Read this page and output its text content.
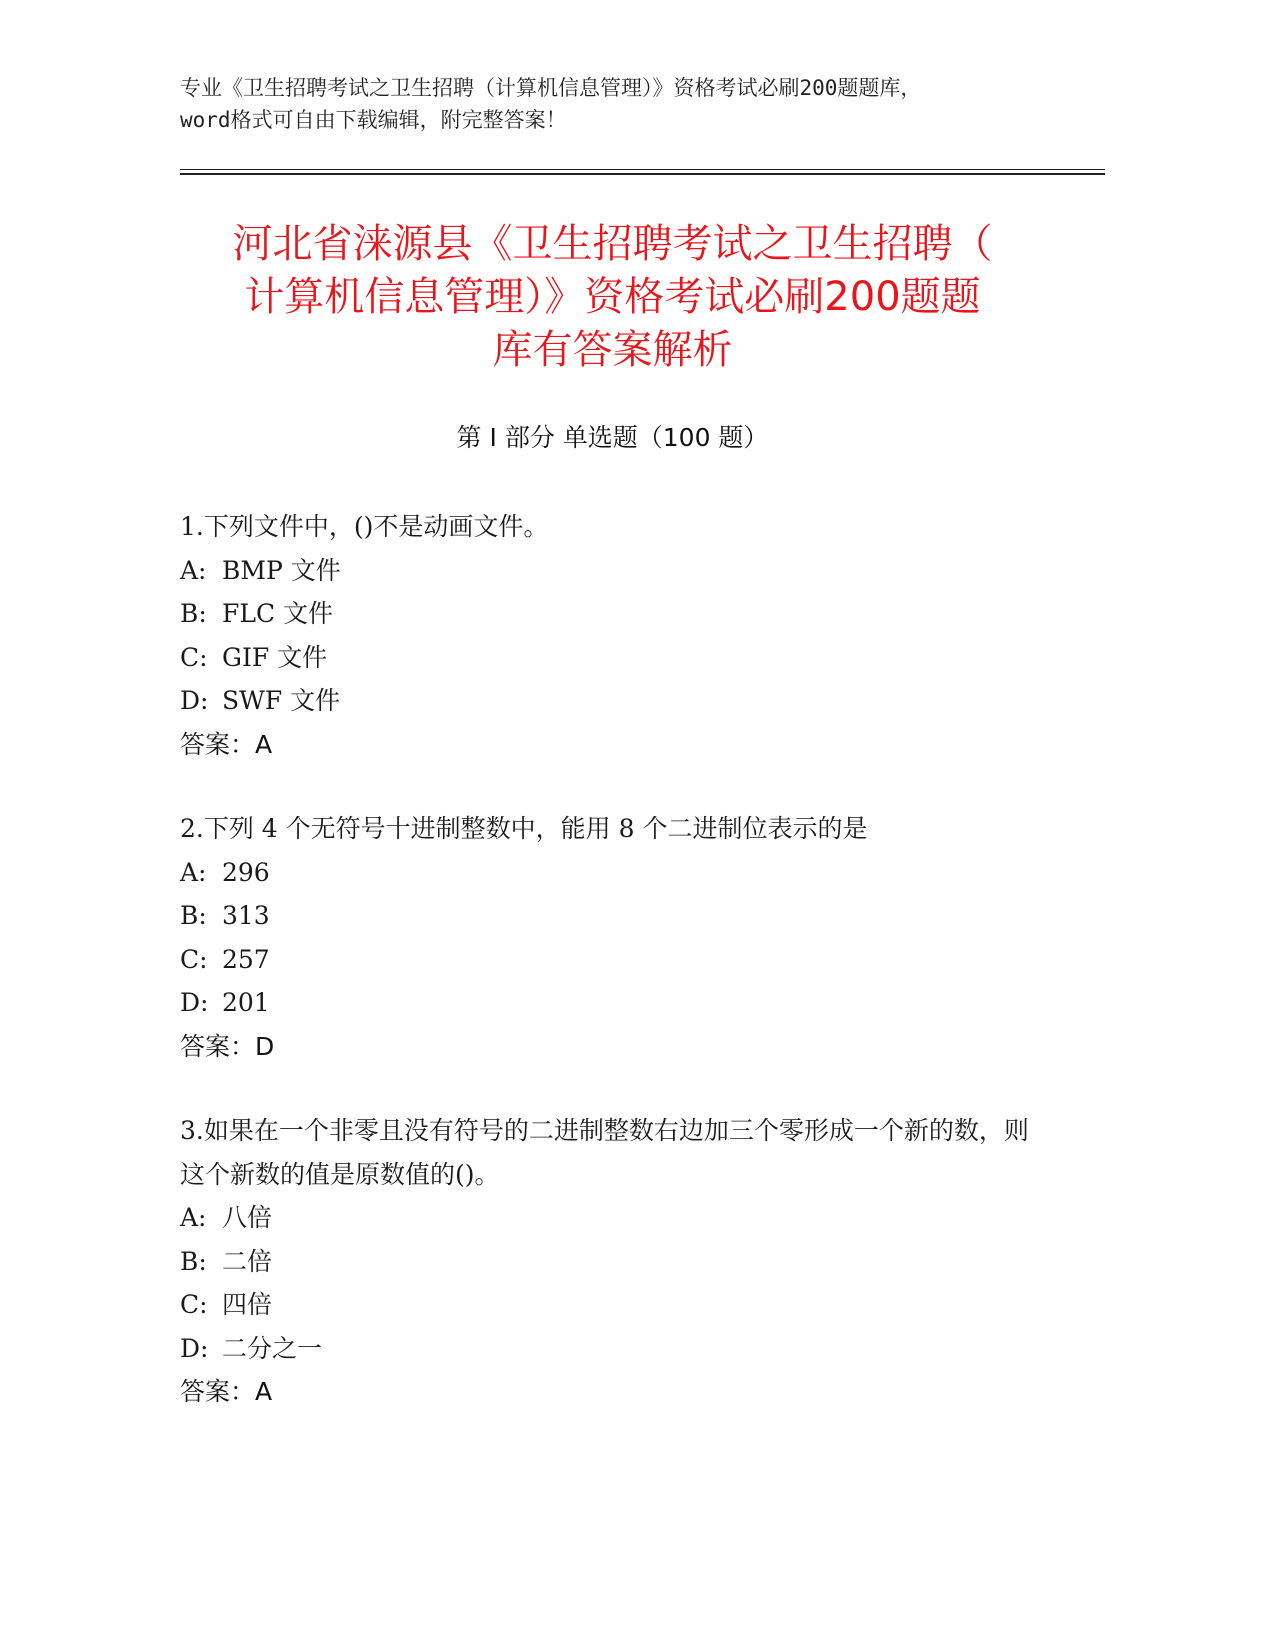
专业《卫生招聘考试之卫生招聘（计算机信息管理）》资格考试必刷200题题库，
word格式可自由下载编辑，附完整答案！
河北省涞源县《卫生招聘考试之卫生招聘（
计算机信息管理）》资格考试必刷200题题
库有答案解析
第 I 部分 单选题（100 题）
1.下列文件中，()不是动画文件。
A: BMP 文件
B: FLC 文件
C: GIF 文件
D: SWF 文件
答案：A
2.下列 4 个无符号十进制整数中，能用 8 个二进制位表示的是
A: 296
B: 313
C: 257
D: 201
答案：D
3.如果在一个非零且没有符号的二进制整数右边加三个零形成一个新的数，则这个新数的值是原数值的()。
A: 八倍
B: 二倍
C: 四倍
D: 二分之一
答案：A
